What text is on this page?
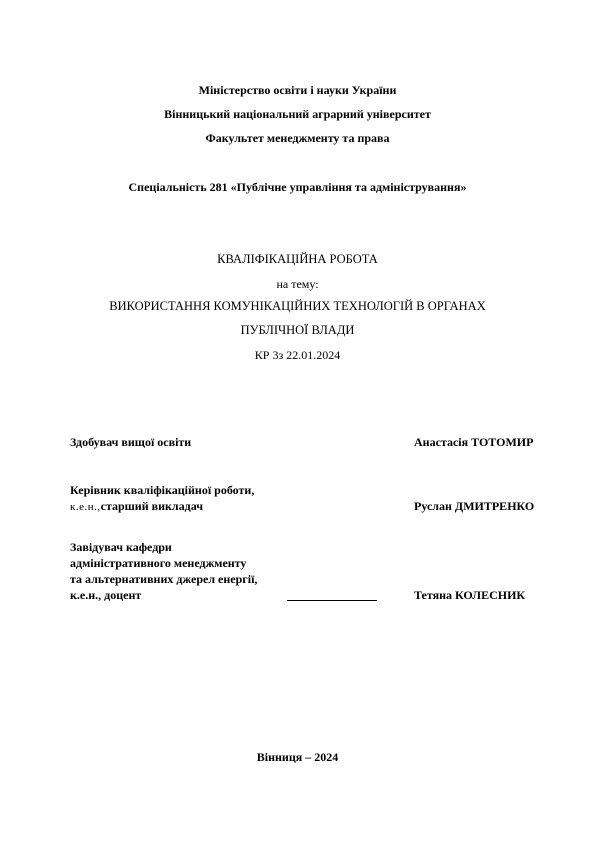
Міністерство освіти і науки України
Вінницький національний аграрний університет
Факультет менеджменту та права
Спеціальність 281 «Публічне управління та адміністрування»
КВАЛІФІКАЦІЙНА РОБОТА
на тему:
ВИКОРИСТАННЯ КОМУНІКАЦІЙНИХ ТЕХНОЛОГІЙ В ОРГАНАХ
ПУБЛІЧНОЇ ВЛАДИ
КР 3з 22.01.2024
Здобувач вищої освіти	Анастасія ТОТОМИР
Керівник кваліфікаційної роботи,
к.е.н.,старший викладач	Руслан ДМИТРЕНКО
Завідувач кафедри
адміністративного менеджменту
та альтернативних джерел енергії,
к.е.н., доцент	Тетяна КОЛЕСНИК
Вінниця – 2024
